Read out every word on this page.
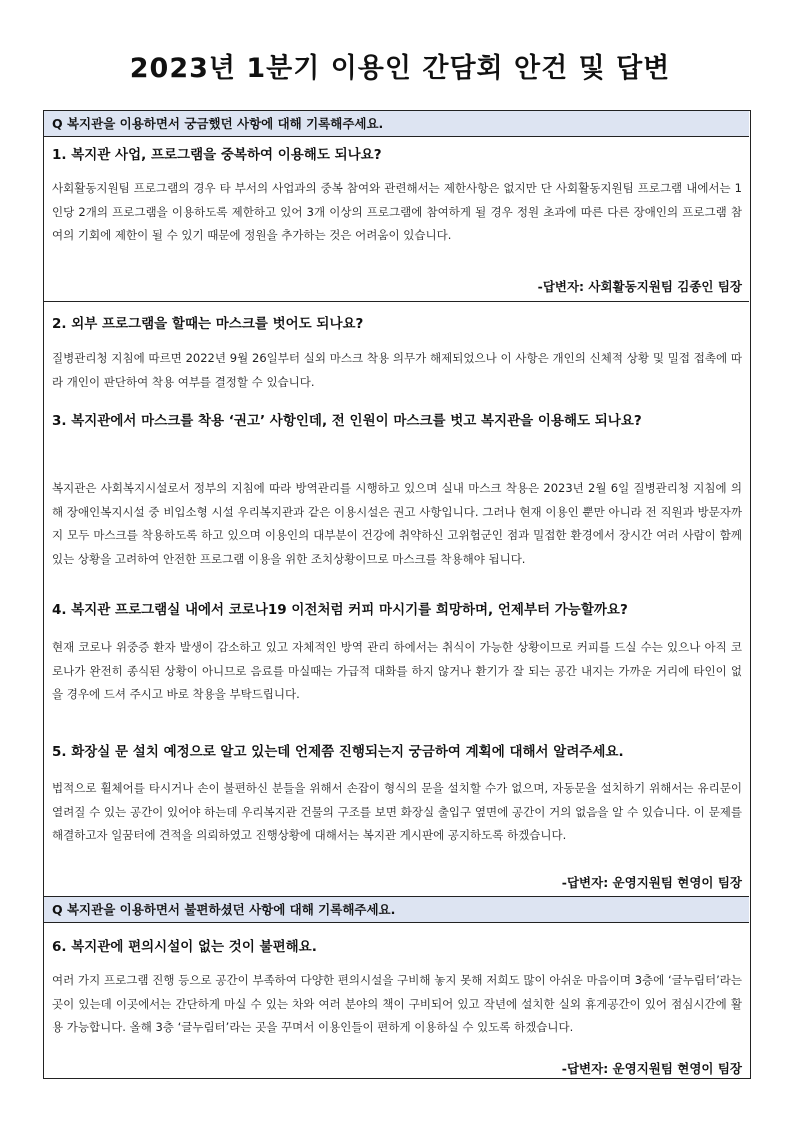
2023년 1분기 이용인 간담회 안건 및 답변
Q 복지관을 이용하면서 궁금했던 사항에 대해 기록해주세요.
1. 복지관 사업, 프로그램을 중복하여 이용해도 되나요?
사회활동지원팀 프로그램의 경우 타 부서의 사업과의 중복 참여와 관련해서는 제한사항은 없지만 단 사회활동지원팀 프로그램 내에서는 1인당 2개의 프로그램을 이용하도록 제한하고 있어 3개 이상의 프로그램에 참여하게 될 경우 정원 초과에 따른 다른 장애인의 프로그램 참여의 기회에 제한이 될 수 있기 때문에 정원을 추가하는 것은 어려움이 있습니다.
-답변자: 사회활동지원팀 김종인 팀장
2. 외부 프로그램을 할때는 마스크를 벗어도 되나요?
질병관리청 지침에 따르면 2022년 9월 26일부터 실외 마스크 착용 의무가 해제되었으나 이 사항은 개인의 신체적 상황 및 밀접 접촉에 따라 개인이 판단하여 착용 여부를 결정할 수 있습니다.
3. 복지관에서 마스크를 착용 ‘권고’ 사항인데, 전 인원이 마스크를 벗고 복지관을 이용해도 되나요?
복지관은 사회복지시설로서 정부의 지침에 따라 방역관리를 시행하고 있으며 실내 마스크 착용은 2023년 2월 6일 질병관리청 지침에 의해 장애인복지시설 중 비입소형 시설 우리복지관과 같은 이용시설은 권고 사항입니다. 그러나 현재 이용인 뿐만 아니라 전 직원과 방문자까지 모두 마스크를 착용하도록 하고 있으며 이용인의 대부분이 건강에 취약하신 고위험군인 점과 밀접한 환경에서 장시간 여러 사람이 함께 있는 상황을 고려하여 안전한 프로그램 이용을 위한 조치상황이므로 마스크를 착용해야 됩니다.
4. 복지관 프로그램실 내에서 코로나19 이전처럼 커피 마시기를 희망하며, 언제부터 가능할까요?
현재 코로나 위중증 환자 발생이 감소하고 있고 자체적인 방역 관리 하에서는 취식이 가능한 상황이므로 커피를 드실 수는 있으나 아직 코로나가 완전히 종식된 상황이 아니므로 음료를 마실때는 가급적 대화를 하지 않거나 환기가 잘 되는 공간 내지는 가까운 거리에 타인이 없을 경우에 드셔 주시고 바로 착용을 부탁드립니다.
5. 화장실 문 설치 예정으로 알고 있는데 언제쯤 진행되는지 궁금하여 계획에 대해서 알려주세요.
법적으로 휠체어를 타시거나 손이 불편하신 분들을 위해서 손잡이 형식의 문을 설치할 수가 없으며, 자동문을 설치하기 위해서는 유리문이 열려질 수 있는 공간이 있어야 하는데 우리복지관 건물의 구조를 보면 화장실 출입구 옆면에 공간이 거의 없음을 알 수 있습니다. 이 문제를 해결하고자 일꿈터에 견적을 의뢰하였고 진행상황에 대해서는 복지관 게시판에 공지하도록 하겠습니다.
-답변자: 운영지원팀 현영이 팀장
Q 복지관을 이용하면서 불편하셨던 사항에 대해 기록해주세요.
6. 복지관에 편의시설이 없는 것이 불편해요.
여러 가지 프로그램 진행 등으로 공간이 부족하여 다양한 편의시설을 구비해 놓지 못해 저희도 많이 아쉬운 마음이며 3층에 ‘글누림터’라는 곳이 있는데 이곳에서는 간단하게 마실 수 있는 차와 여러 분야의 책이 구비되어 있고 작년에 설치한 실외 휴게공간이 있어 점심시간에 활용 가능합니다. 올해 3층 ‘글누림터’라는 곳을 꾸며서 이용인들이 편하게 이용하실 수 있도록 하겠습니다.
-답변자: 운영지원팀 현영이 팀장
